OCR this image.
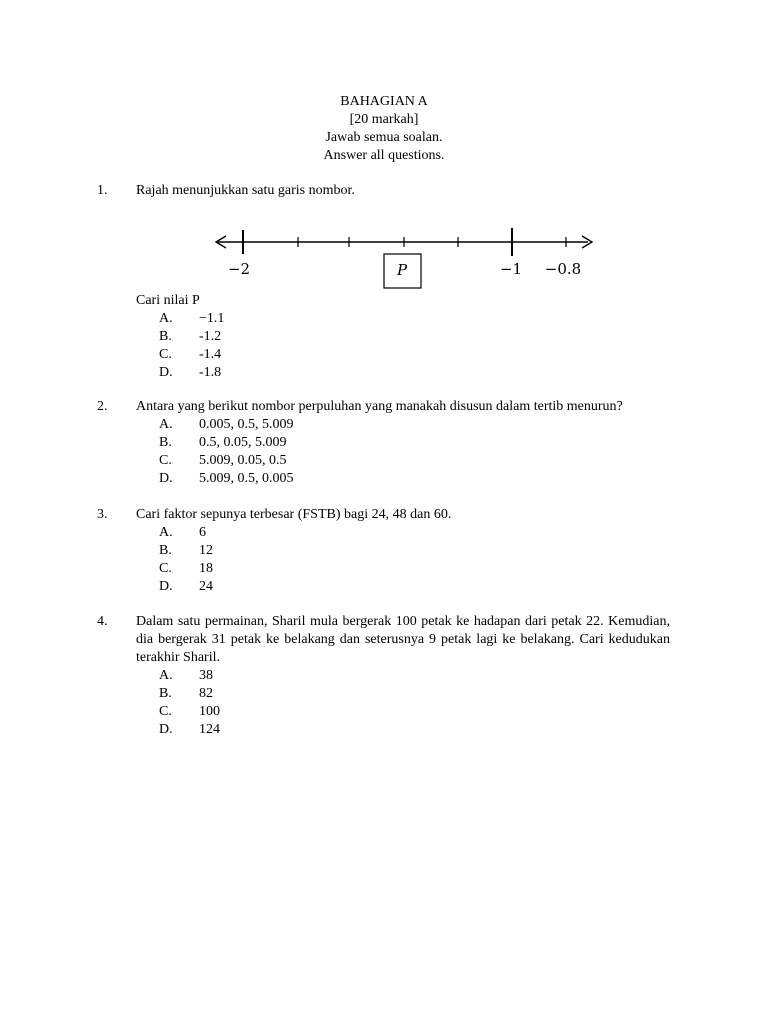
BAHAGIAN A
[20 markah]
Jawab semua soalan.
Answer all questions.
1. Rajah menunjukkan satu garis nombor.
−2	P	−1 −0.8
Cari nilai P
A. −1.1
B. -1.2
C. -1.4
D. -1.8
2. Antara yang berikut nombor perpuluhan yang manakah disusun dalam tertib menurun?
A. 0.005, 0.5, 5.009
B. 0.5, 0.05, 5.009
C. 5.009, 0.05, 0.5
D. 5.009, 0.5, 0.005
3. Cari faktor sepunya terbesar (FSTB) bagi 24, 48 dan 60.
A. 6
B. 12
C. 18
D. 24
4. Dalam satu permainan, Sharil mula bergerak 100 petak ke hadapan dari petak 22. Kemudian, dia bergerak 31 petak ke belakang dan seterusnya 9 petak lagi ke belakang. Cari kedudukan terakhir Sharil.
A. 38
B. 82
C. 100
D. 124
